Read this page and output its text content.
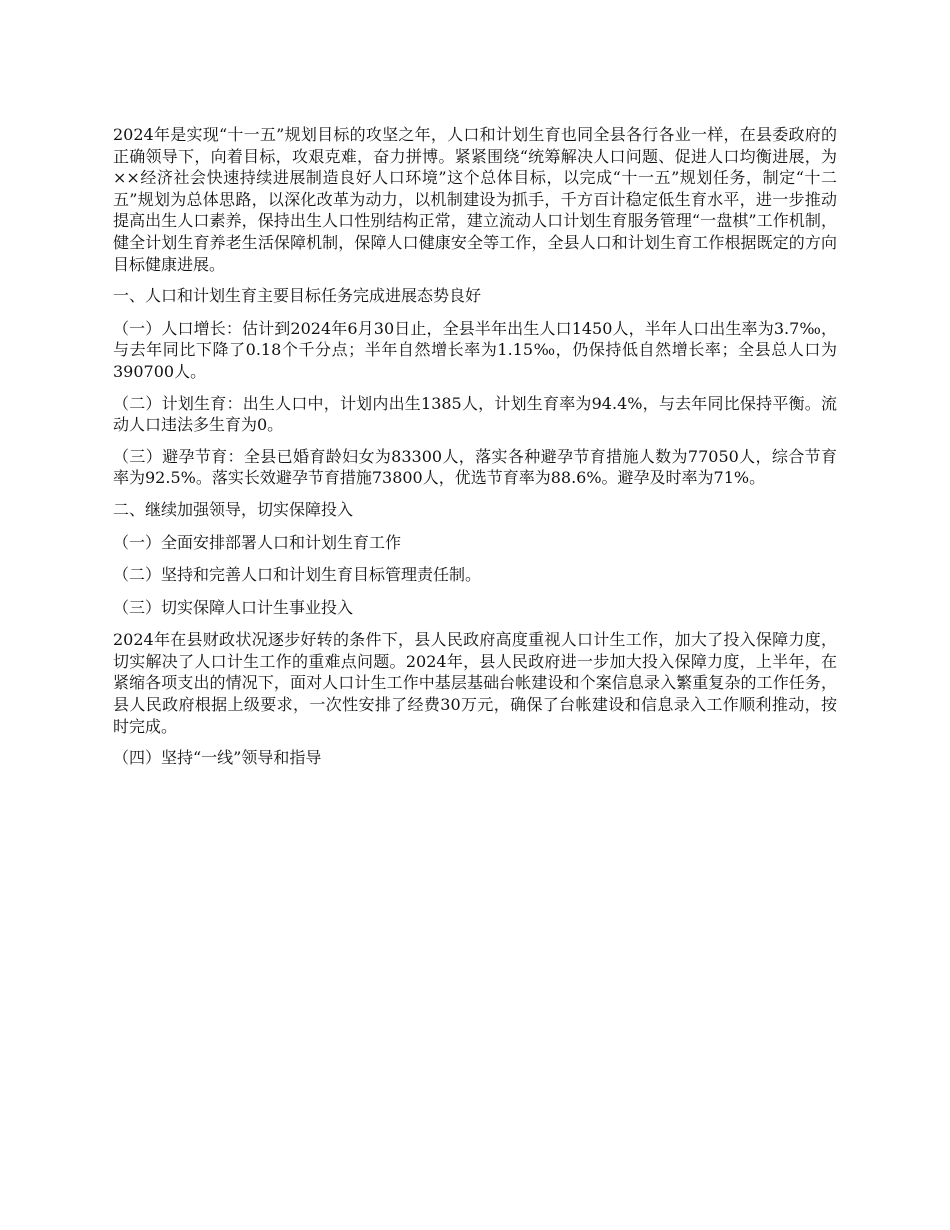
2024年是实现“十一五”规划目标的攻坚之年，人口和计划生育也同全县各行各业一样，在县委政府的正确领导下，向着目标，攻艰克难，奋力拼博。紧紧围绕“统筹解决人口问题、促进人口均衡进展，为××经济社会快速持续进展制造良好人口环境”这个总体目标，以完成“十一五”规划任务，制定“十二五”规划为总体思路，以深化改革为动力，以机制建设为抓手，千方百计稳定低生育水平，进一步推动提高出生人口素养，保持出生人口性别结构正常，建立流动人口计划生育服务管理“一盘棋”工作机制，健全计划生育养老生活保障机制，保障人口健康安全等工作，全县人口和计划生育工作根据既定的方向目标健康进展。

一、人口和计划生育主要目标任务完成进展态势良好

（一）人口增长：估计到2024年6月30日止，全县半年出生人口1450人，半年人口出生率为3.7‰，与去年同比下降了0.18个千分点；半年自然增长率为1.15‰，仍保持低自然增长率；全县总人口为390700人。

（二）计划生育：出生人口中，计划内出生1385人，计划生育率为94.4%，与去年同比保持平衡。流动人口违法多生育为0。

（三）避孕节育：全县已婚育龄妇女为83300人，落实各种避孕节育措施人数为77050人，综合节育率为92.5%。落实长效避孕节育措施73800人，优选节育率为88.6%。避孕及时率为71%。

二、继续加强领导，切实保障投入

（一）全面安排部署人口和计划生育工作

（二）坚持和完善人口和计划生育目标管理责任制。

（三）切实保障人口计生事业投入

2024年在县财政状况逐步好转的条件下，县人民政府高度重视人口计生工作，加大了投入保障力度，切实解决了人口计生工作的重难点问题。2024年，县人民政府进一步加大投入保障力度，上半年，在紧缩各项支出的情况下，面对人口计生工作中基层基础台帐建设和个案信息录入繁重复杂的工作任务，县人民政府根据上级要求，一次性安排了经费30万元，确保了台帐建设和信息录入工作顺利推动，按时完成。

（四）坚持“一线”领导和指导
